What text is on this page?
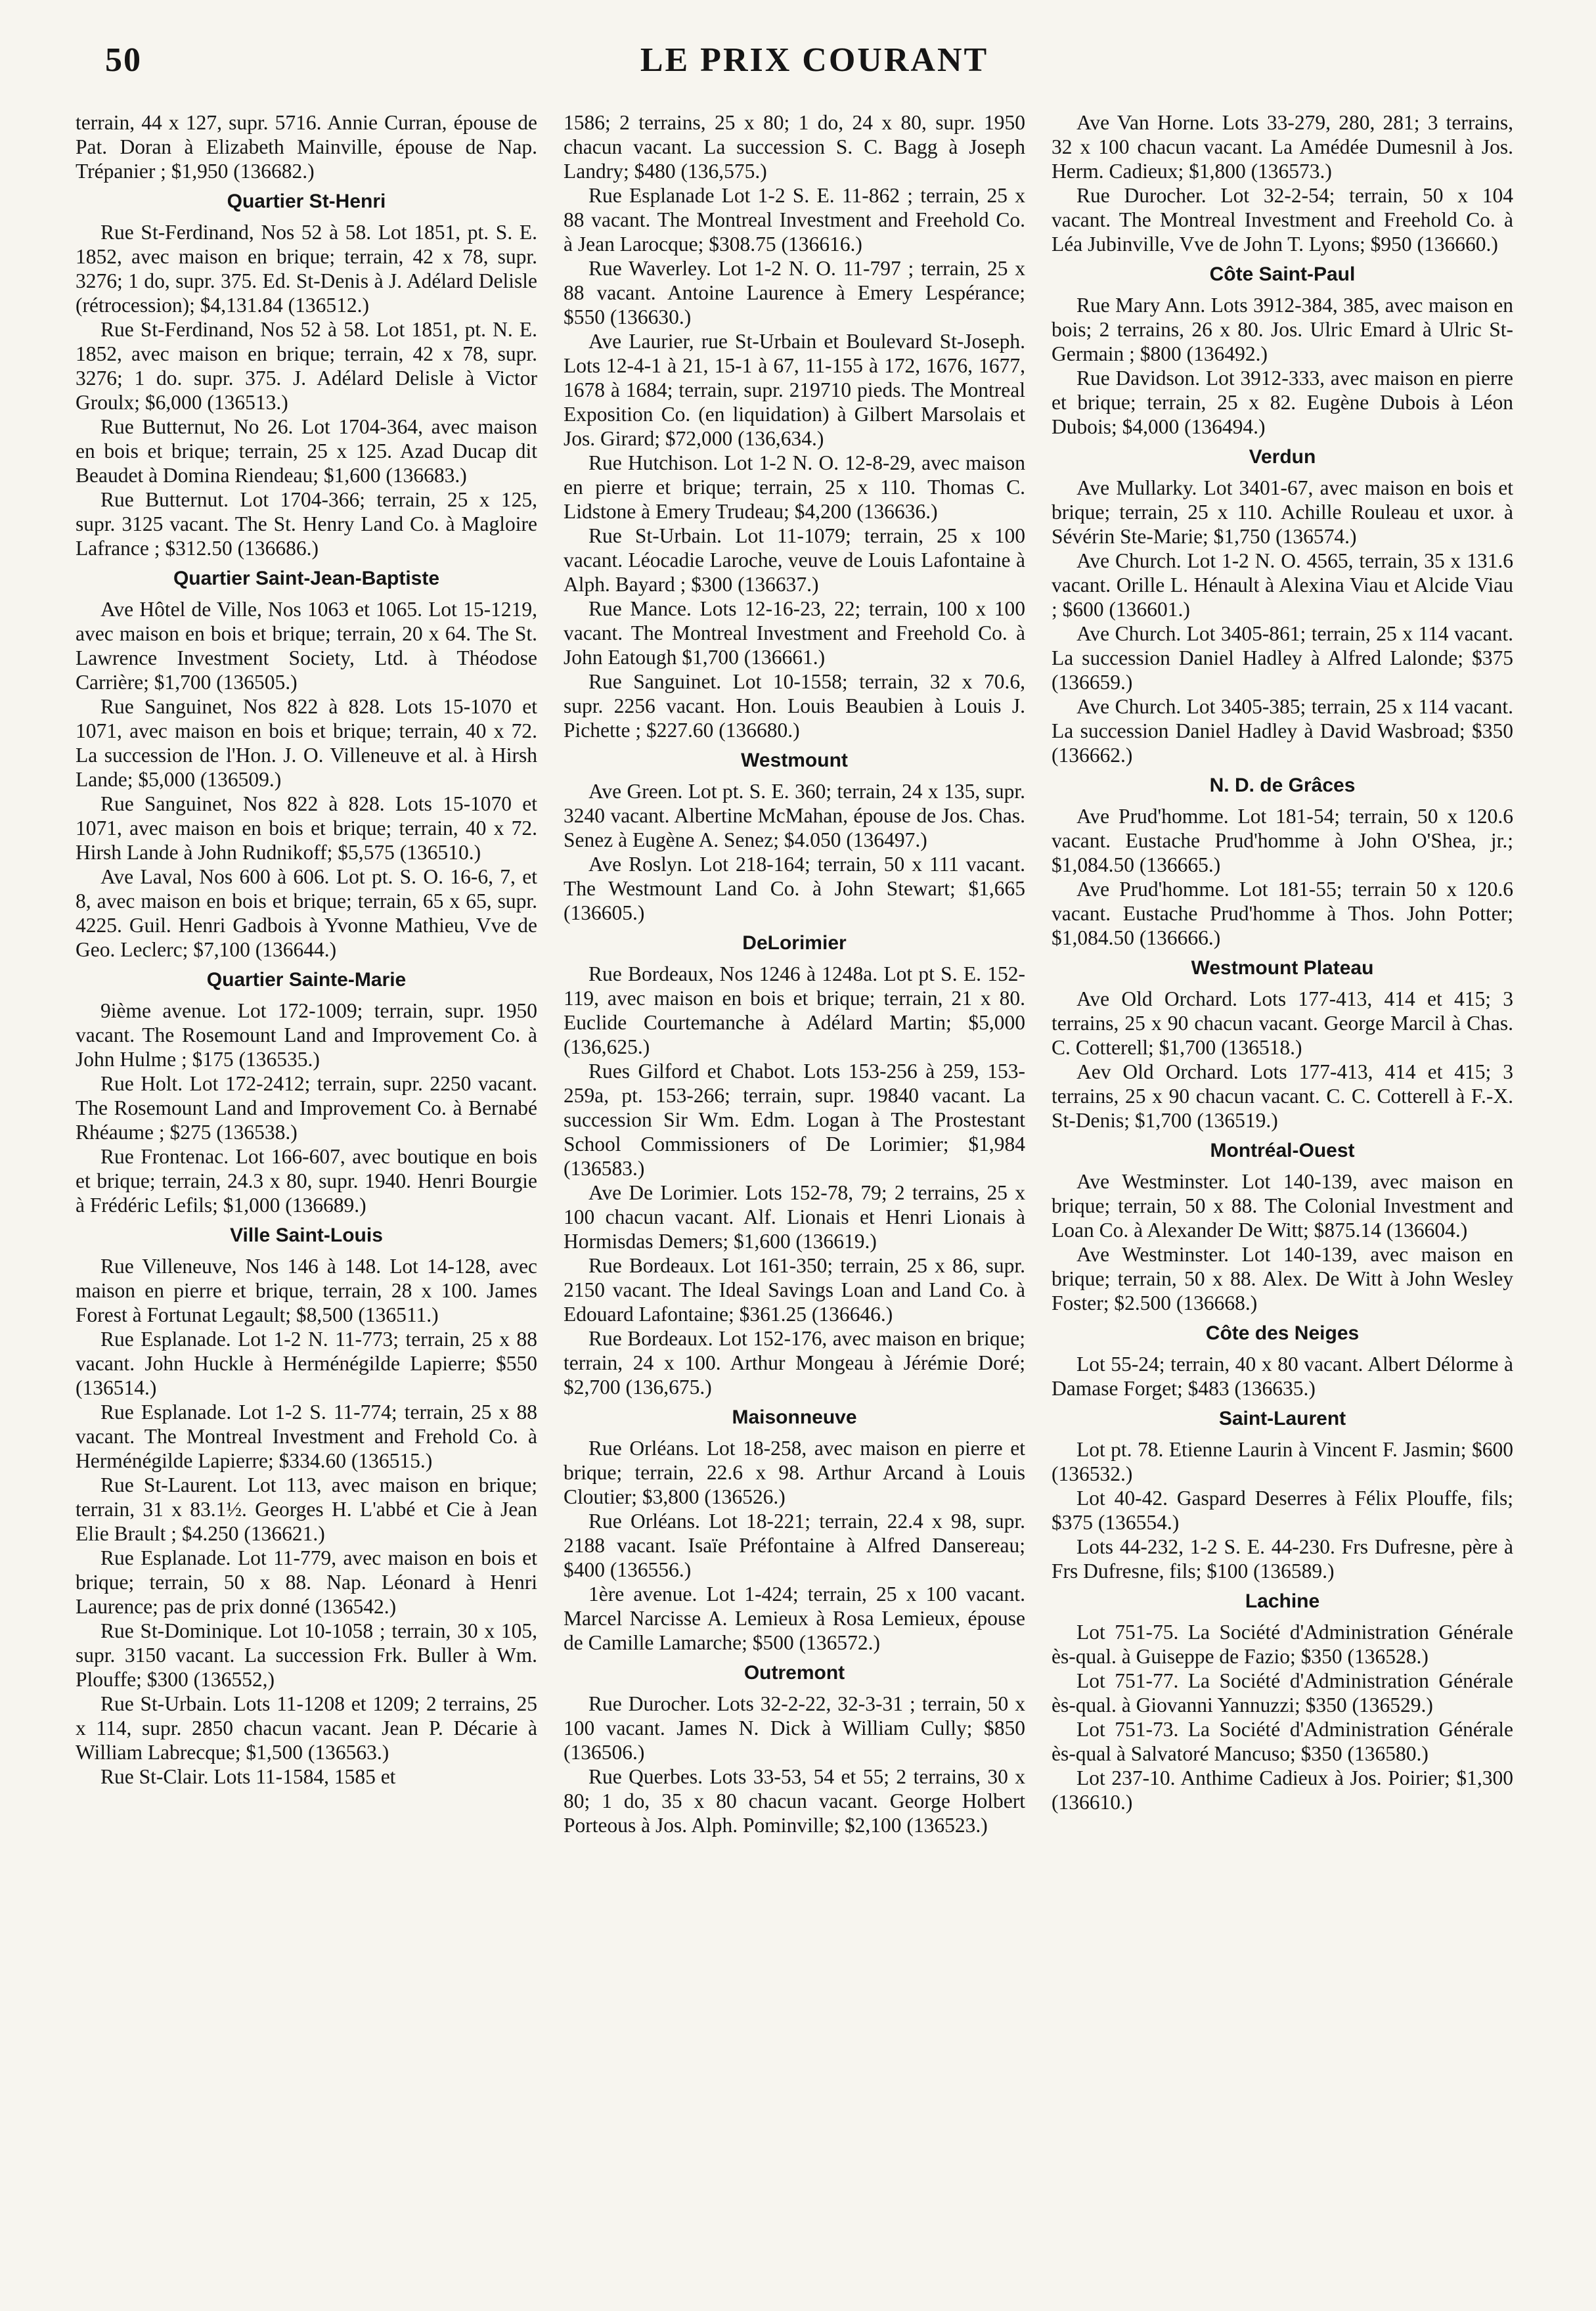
50	LE PRIX COURANT

terrain, 44 x 127, supr. 5716. Annie Curran, épouse de Pat. Doran à Elizabeth Mainville, épouse de Nap. Trépanier ; $1,950 (136682.)

Quartier St-Henri

Rue St-Ferdinand, Nos 52 à 58. Lot 1851, pt. S. E. 1852, avec maison en brique; terrain, 42 x 78, supr. 3276; 1 do, supr. 375. Ed. St-Denis à J. Adélard Delisle (rétrocession); $4,131.84 (136512.)

Rue St-Ferdinand, Nos 52 à 58. Lot 1851, pt. N. E. 1852, avec maison en brique; terrain, 42 x 78, supr. 3276; 1 do. supr. 375. J. Adélard Delisle à Victor Groulx; $6,000 (136513.)

Rue Butternut, No 26. Lot 1704-364, avec maison en bois et brique; terrain, 25 x 125. Azad Ducap dit Beaudet à Domina Riendeau; $1,600 (136683.)

Rue Butternut. Lot 1704-366; terrain, 25 x 125, supr. 3125 vacant. The St. Henry Land Co. à Magloire Lafrance ; $312.50 (136686.)

Quartier Saint-Jean-Baptiste

Ave Hôtel de Ville, Nos 1063 et 1065. Lot 15-1219, avec maison en bois et brique; terrain, 20 x 64. The St. Lawrence Investment Society, Ltd. à Théodose Carrière; $1,700 (136505.)

Rue Sanguinet, Nos 822 à 828. Lots 15-1070 et 1071, avec maison en bois et brique; terrain, 40 x 72. La succession de l'Hon. J. O. Villeneuve et al. à Hirsh Lande; $5,000 (136509.)

Rue Sanguinet, Nos 822 à 828. Lots 15-1070 et 1071, avec maison en bois et brique; terrain, 40 x 72. Hirsh Lande à John Rudnikoff; $5,575 (136510.)

Ave Laval, Nos 600 à 606. Lot pt. S. O. 16-6, 7, et 8, avec maison en bois et brique; terrain, 65 x 65, supr. 4225. Guil. Henri Gadbois à Yvonne Mathieu, Vve de Geo. Leclerc; $7,100 (136644.)

Quartier Sainte-Marie

9ième avenue. Lot 172-1009; terrain, supr. 1950 vacant. The Rosemount Land and Improvement Co. à John Hulme ; $175 (136535.)

Rue Holt. Lot 172-2412; terrain, supr. 2250 vacant. The Rosemount Land and Improvement Co. à Bernabé Rhéaume ; $275 (136538.)

Rue Frontenac. Lot 166-607, avec boutique en bois et brique; terrain, 24.3 x 80, supr. 1940. Henri Bourgie à Frédéric Lefils; $1,000 (136689.)

Ville Saint-Louis

Rue Villeneuve, Nos 146 à 148. Lot 14-128, avec maison en pierre et brique, terrain, 28 x 100. James Forest à Fortunat Legault; $8,500 (136511.)

Rue Esplanade. Lot 1-2 N. 11-773; terrain, 25 x 88 vacant. John Huckle à Herménégilde Lapierre; $550 (136514.)

Rue Esplanade. Lot 1-2 S. 11-774; terrain, 25 x 88 vacant. The Montreal Investment and Frehold Co. à Herménégilde Lapierre; $334.60 (136515.)

Rue St-Laurent. Lot 113, avec maison en brique; terrain, 31 x 83.1½. Georges H. L'abbé et Cie à Jean Elie Brault ; $4.250 (136621.)

Rue Esplanade. Lot 11-779, avec maison en bois et brique; terrain, 50 x 88. Nap. Léonard à Henri Laurence; pas de prix donné (136542.)

Rue St-Dominique. Lot 10-1058 ; terrain, 30 x 105, supr. 3150 vacant. La succession Frk. Buller à Wm. Plouffe; $300 (136552,)

Rue St-Urbain. Lots 11-1208 et 1209; 2 terrains, 25 x 114, supr. 2850 chacun vacant. Jean P. Décarie à William Labrecque; $1,500 (136563.)

Rue St-Clair. Lots 11-1584, 1585 et

1586; 2 terrains, 25 x 80; 1 do, 24 x 80, supr. 1950 chacun vacant. La succession S. C. Bagg à Joseph Landry; $480 (136,575.)

Rue Esplanade Lot 1-2 S. E. 11-862 ; terrain, 25 x 88 vacant. The Montreal Investment and Freehold Co. à Jean Larocque; $308.75 (136616.)

Rue Waverley. Lot 1-2 N. O. 11-797 ; terrain, 25 x 88 vacant. Antoine Laurence à Emery Lespérance; $550 (136630.)

Ave Laurier, rue St-Urbain et Boulevard St-Joseph. Lots 12-4-1 à 21, 15-1 à 67, 11-155 à 172, 1676, 1677, 1678 à 1684; terrain, supr. 219710 pieds. The Montreal Exposition Co. (en liquidation) à Gilbert Marsolais et Jos. Girard; $72,000 (136,634.)

Rue Hutchison. Lot 1-2 N. O. 12-8-29, avec maison en pierre et brique; terrain, 25 x 110. Thomas C. Lidstone à Emery Trudeau; $4,200 (136636.)

Rue St-Urbain. Lot 11-1079; terrain, 25 x 100 vacant. Léocadie Laroche, veuve de Louis Lafontaine à Alph. Bayard ; $300 (136637.)

Rue Mance. Lots 12-16-23, 22; terrain, 100 x 100 vacant. The Montreal Investment and Freehold Co. à John Eatough $1,700 (136661.)

Rue Sanguinet. Lot 10-1558; terrain, 32 x 70.6, supr. 2256 vacant. Hon. Louis Beaubien à Louis J. Pichette ; $227.60 (136680.)

Westmount

Ave Green. Lot pt. S. E. 360; terrain, 24 x 135, supr. 3240 vacant. Albertine McMahan, épouse de Jos. Chas. Senez à Eugène A. Senez; $4.050 (136497.)

Ave Roslyn. Lot 218-164; terrain, 50 x 111 vacant. The Westmount Land Co. à John Stewart; $1,665 (136605.)

DeLorimier

Rue Bordeaux, Nos 1246 à 1248a. Lot pt S. E. 152-119, avec maison en bois et brique; terrain, 21 x 80. Euclide Courtemanche à Adélard Martin; $5,000 (136,625.)

Rues Gilford et Chabot. Lots 153-256 à 259, 153-259a, pt. 153-266; terrain, supr. 19840 vacant. La succession Sir Wm. Edm. Logan à The Prostestant School Commissioners of De Lorimier; $1,984 (136583.)

Ave De Lorimier. Lots 152-78, 79; 2 terrains, 25 x 100 chacun vacant. Alf. Lionais et Henri Lionais à Hormisdas Demers; $1,600 (136619.)

Rue Bordeaux. Lot 161-350; terrain, 25 x 86, supr. 2150 vacant. The Ideal Savings Loan and Land Co. à Edouard Lafontaine; $361.25 (136646.)

Rue Bordeaux. Lot 152-176, avec maison en brique; terrain, 24 x 100. Arthur Mongeau à Jérémie Doré; $2,700 (136,675.)

Maisonneuve

Rue Orléans. Lot 18-258, avec maison en pierre et brique; terrain, 22.6 x 98. Arthur Arcand à Louis Cloutier; $3,800 (136526.)

Rue Orléans. Lot 18-221; terrain, 22.4 x 98, supr. 2188 vacant. Isaïe Préfontaine à Alfred Dansereau; $400 (136556.)

1ère avenue. Lot 1-424; terrain, 25 x 100 vacant. Marcel Narcisse A. Lemieux à Rosa Lemieux, épouse de Camille Lamarche; $500 (136572.)

Outremont

Rue Durocher. Lots 32-2-22, 32-3-31 ; terrain, 50 x 100 vacant. James N. Dick à William Cully; $850 (136506.)

Rue Querbes. Lots 33-53, 54 et 55; 2 terrains, 30 x 80; 1 do, 35 x 80 chacun vacant. George Holbert Porteous à Jos. Alph. Pominville; $2,100 (136523.)

Ave Van Horne. Lots 33-279, 280, 281; 3 terrains, 32 x 100 chacun vacant. La Amédée Dumesnil à Jos. Herm. Cadieux; $1,800 (136573.)

Rue Durocher. Lot 32-2-54; terrain, 50 x 104 vacant. The Montreal Investment and Freehold Co. à Léa Jubinville, Vve de John T. Lyons; $950 (136660.)

Côte Saint-Paul

Rue Mary Ann. Lots 3912-384, 385, avec maison en bois; 2 terrains, 26 x 80. Jos. Ulric Emard à Ulric St-Germain ; $800 (136492.)

Rue Davidson. Lot 3912-333, avec maison en pierre et brique; terrain, 25 x 82. Eugène Dubois à Léon Dubois; $4,000 (136494.)

Verdun

Ave Mullarky. Lot 3401-67, avec maison en bois et brique; terrain, 25 x 110. Achille Rouleau et uxor. à Sévérin Ste-Marie; $1,750 (136574.)

Ave Church. Lot 1-2 N. O. 4565, terrain, 35 x 131.6 vacant. Orille L. Hénault à Alexina Viau et Alcide Viau ; $600 (136601.)

Ave Church. Lot 3405-861; terrain, 25 x 114 vacant. La succession Daniel Hadley à Alfred Lalonde; $375 (136659.)

Ave Church. Lot 3405-385; terrain, 25 x 114 vacant. La succession Daniel Hadley à David Wasbroad; $350 (136662.)

N. D. de Grâces

Ave Prud'homme. Lot 181-54; terrain, 50 x 120.6 vacant. Eustache Prud'homme à John O'Shea, jr.; $1,084.50 (136665.)

Ave Prud'homme. Lot 181-55; terrain 50 x 120.6 vacant. Eustache Prud'homme à Thos. John Potter; $1,084.50 (136666.)

Westmount Plateau

Ave Old Orchard. Lots 177-413, 414 et 415; 3 terrains, 25 x 90 chacun vacant. George Marcil à Chas. C. Cotterell; $1,700 (136518.)

Aev Old Orchard. Lots 177-413, 414 et 415; 3 terrains, 25 x 90 chacun vacant. C. C. Cotterell à F.-X. St-Denis; $1,700 (136519.)

Montréal-Ouest

Ave Westminster. Lot 140-139, avec maison en brique; terrain, 50 x 88. The Colonial Investment and Loan Co. à Alexander De Witt; $875.14 (136604.)

Ave Westminster. Lot 140-139, avec maison en brique; terrain, 50 x 88. Alex. De Witt à John Wesley Foster; $2.500 (136668.)

Côte des Neiges

Lot 55-24; terrain, 40 x 80 vacant. Albert Délorme à Damase Forget; $483 (136635.)

Saint-Laurent

Lot pt. 78. Etienne Laurin à Vincent F. Jasmin; $600 (136532.)

Lot 40-42. Gaspard Deserres à Félix Plouffe, fils; $375 (136554.)

Lots 44-232, 1-2 S. E. 44-230. Frs Dufresne, père à Frs Dufresne, fils; $100 (136589.)

Lachine

Lot 751-75. La Société d'Administration Générale ès-qual. à Guiseppe de Fazio; $350 (136528.)

Lot 751-77. La Société d'Administration Générale ès-qual. à Giovanni Yannuzzi; $350 (136529.)

Lot 751-73. La Société d'Administration Générale ès-qual à Salvatoré Mancuso; $350 (136580.)

Lot 237-10. Anthime Cadieux à Jos. Poirier; $1,300 (136610.)
